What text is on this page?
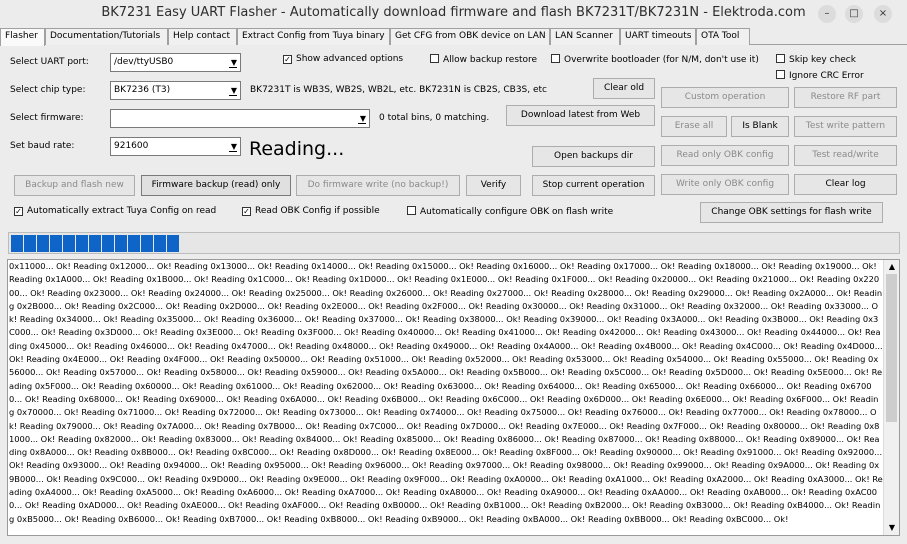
BK7231 Easy UART Flasher - Automatically download firmware and flash BK7231T/BK7231N - Elektroda.com	–	□	×
Flasher	Documentation/Tutorials	Help contact	Extract Config from Tuya binary	Get CFG from OBK device on LAN	LAN Scanner	UART timeouts	OTA Tool
Select UART port:	/dev/ttyUSB0	▼	✓ Show advanced options	Allow backup restore	Overwrite bootloader (for N/M, don't use it)	Skip key check
Ignore CRC Error
Select chip type:	BK7236 (T3)	▼ BK7231T is WB3S, WB2S, WB2L, etc. BK7231N is CB2S, CB3S, etc	Clear old
Select firmware:	▼ 0 total bins, 0 matching.	Download latest from Web
Set baud rate:	921600	▼ Reading...	Open backups dir
Custom operation	Restore RF part
Erase all	Is Blank	Test write pattern
Read only OBK config	Test read/write
Write only OBK config	Clear log
Backup and flash new	Firmware backup (read) only	Do firmware write (no backup!)	Verify	Stop current operation
✓ Automatically extract Tuya Config on read	✓ Read OBK Config if possible	Automatically configure OBK on flash write	Change OBK settings for flash write
0x11000... Ok! Reading 0x12000... Ok! Reading 0x13000... Ok! Reading 0x14000... Ok! Reading 0x15000... Ok! Reading 0x16000... Ok! Reading 0x17000... Ok! Reading 0x18000... Ok! Reading 0x19000... Ok! Reading 0x1A000... Ok! Reading 0x1B000... Ok! Reading 0x1C000... Ok! Reading 0x1D000... Ok! Reading 0x1E000... Ok! Reading 0x1F000... Ok! Reading 0x20000... Ok! Reading 0x21000... Ok! Reading 0x22000... Ok! Reading 0x23000... Ok! Reading 0x24000... Ok! Reading 0x25000... Ok! Reading 0x26000... Ok! Reading 0x27000... Ok! Reading 0x28000... Ok! Reading 0x29000... Ok! Reading 0x2A000... Ok! Reading 0x2B000... Ok! Reading 0x2C000... Ok! Reading 0x2D000... Ok! Reading 0x2E000... Ok! Reading 0x2F000... Ok! Reading 0x30000... Ok! Reading 0x31000... Ok! Reading 0x32000... Ok! Reading 0x33000... Ok! Reading 0x34000... Ok! Reading 0x35000... Ok! Reading 0x36000... Ok! Reading 0x37000... Ok! Reading 0x38000... Ok! Reading 0x39000... Ok! Reading 0x3A000... Ok! Reading 0x3B000... Ok! Reading 0x3C000... Ok! Reading 0x3D000... Ok! Reading 0x3E000... Ok! Reading 0x3F000... Ok! Reading 0x40000... Ok! Reading 0x41000... Ok! Reading 0x42000... Ok! Reading 0x43000... Ok! Reading 0x44000... Ok! Reading 0x45000... Ok! Reading 0x46000... Ok! Reading 0x47000... Ok! Reading 0x48000... Ok! Reading 0x49000... Ok! Reading 0x4A000... Ok! Reading 0x4B000... Ok! Reading 0x4C000... Ok! Reading 0x4D000... Ok! Reading 0x4E000... Ok! Reading 0x4F000... Ok! Reading 0x50000... Ok! Reading 0x51000... Ok! Reading 0x52000... Ok! Reading 0x53000... Ok! Reading 0x54000... Ok! Reading 0x55000... Ok! Reading 0x56000... Ok! Reading 0x57000... Ok! Reading 0x58000... Ok! Reading 0x59000... Ok! Reading 0x5A000... Ok! Reading 0x5B000... Ok! Reading 0x5C000... Ok! Reading 0x5D000... Ok! Reading 0x5E000... Ok! Reading 0x5F000... Ok! Reading 0x60000... Ok! Reading 0x61000... Ok! Reading 0x62000... Ok! Reading 0x63000... Ok! Reading 0x64000... Ok! Reading 0x65000... Ok! Reading 0x66000... Ok! Reading 0x67000... Ok! Reading 0x68000... Ok! Reading 0x69000... Ok! Reading 0x6A000... Ok! Reading 0x6B000... Ok! Reading 0x6C000... Ok! Reading 0x6D000... Ok! Reading 0x6E000... Ok! Reading 0x6F000... Ok! Reading 0x70000... Ok! Reading 0x71000... Ok! Reading 0x72000... Ok! Reading 0x73000... Ok! Reading 0x74000... Ok! Reading 0x75000... Ok! Reading 0x76000... Ok! Reading 0x77000... Ok! Reading 0x78000... Ok! Reading 0x79000... Ok! Reading 0x7A000... Ok! Reading 0x7B000... Ok! Reading 0x7C000... Ok! Reading 0x7D000... Ok! Reading 0x7E000... Ok! Reading 0x7F000... Ok! Reading 0x80000... Ok! Reading 0x81000... Ok! Reading 0x82000... Ok! Reading 0x83000... Ok! Reading 0x84000... Ok! Reading 0x85000... Ok! Reading 0x86000... Ok! Reading 0x87000... Ok! Reading 0x88000... Ok! Reading 0x89000... Ok! Reading 0x8A000... Ok! Reading 0x8B000... Ok! Reading 0x8C000... Ok! Reading 0x8D000... Ok! Reading 0x8E000... Ok! Reading 0x8F000... Ok! Reading 0x90000... Ok! Reading 0x91000... Ok! Reading 0x92000... Ok! Reading 0x93000... Ok! Reading 0x94000... Ok! Reading 0x95000... Ok! Reading 0x96000... Ok! Reading 0x97000... Ok! Reading 0x98000... Ok! Reading 0x99000... Ok! Reading 0x9A000... Ok! Reading 0x9B000... Ok! Reading 0x9C000... Ok! Reading 0x9D000... Ok! Reading 0x9E000... Ok! Reading 0x9F000... Ok! Reading 0xA0000... Ok! Reading 0xA1000... Ok! Reading 0xA2000... Ok! Reading 0xA3000... Ok! Reading 0xA4000... Ok! Reading 0xA5000... Ok! Reading 0xA6000... Ok! Reading 0xA7000... Ok! Reading 0xA8000... Ok! Reading 0xA9000... Ok! Reading 0xAA000... Ok! Reading 0xAB000... Ok! Reading 0xAC000... Ok! Reading 0xAD000... Ok! Reading 0xAE000... Ok! Reading 0xAF000... Ok! Reading 0xB0000... Ok! Reading 0xB1000... Ok! Reading 0xB2000... Ok! Reading 0xB3000... Ok! Reading 0xB4000... Ok! Reading 0xB5000... Ok! Reading 0xB6000... Ok! Reading 0xB7000... Ok! Reading 0xB8000... Ok! Reading 0xB9000... Ok! Reading 0xBA000... Ok! Reading 0xBB000... Ok! Reading 0xBC000... Ok!
▲
▼
